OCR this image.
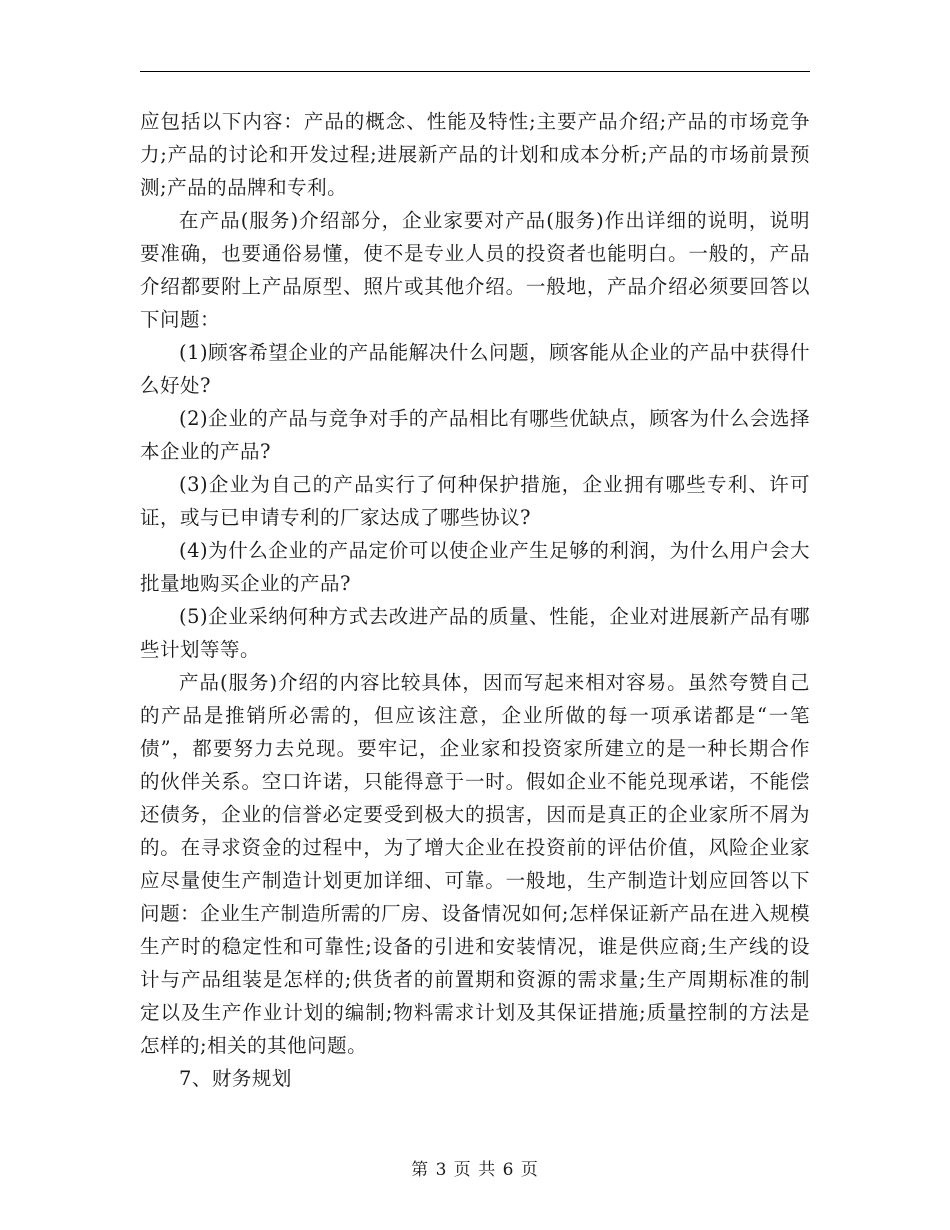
应包括以下内容：产品的概念、性能及特性;主要产品介绍;产品的市场竞争力;产品的讨论和开发过程;进展新产品的计划和成本分析;产品的市场前景预测;产品的品牌和专利。

在产品(服务)介绍部分，企业家要对产品(服务)作出详细的说明，说明要准确，也要通俗易懂，使不是专业人员的投资者也能明白。一般的，产品介绍都要附上产品原型、照片或其他介绍。一般地，产品介绍必须要回答以下问题：

(1)顾客希望企业的产品能解决什么问题，顾客能从企业的产品中获得什么好处?

(2)企业的产品与竞争对手的产品相比有哪些优缺点，顾客为什么会选择本企业的产品?

(3)企业为自己的产品实行了何种保护措施，企业拥有哪些专利、许可证，或与已申请专利的厂家达成了哪些协议?

(4)为什么企业的产品定价可以使企业产生足够的利润，为什么用户会大批量地购买企业的产品?

(5)企业采纳何种方式去改进产品的质量、性能，企业对进展新产品有哪些计划等等。

产品(服务)介绍的内容比较具体，因而写起来相对容易。虽然夸赞自己的产品是推销所必需的，但应该注意，企业所做的每一项承诺都是“一笔债”，都要努力去兑现。要牢记，企业家和投资家所建立的是一种长期合作的伙伴关系。空口许诺，只能得意于一时。假如企业不能兑现承诺，不能偿还债务，企业的信誉必定要受到极大的损害，因而是真正的企业家所不屑为的。在寻求资金的过程中，为了增大企业在投资前的评估价值，风险企业家应尽量使生产制造计划更加详细、可靠。一般地，生产制造计划应回答以下问题：企业生产制造所需的厂房、设备情况如何;怎样保证新产品在进入规模生产时的稳定性和可靠性;设备的引进和安装情况，谁是供应商;生产线的设计与产品组装是怎样的;供货者的前置期和资源的需求量;生产周期标准的制定以及生产作业计划的编制;物料需求计划及其保证措施;质量控制的方法是怎样的;相关的其他问题。

7、财务规划

第 3 页 共 6 页
